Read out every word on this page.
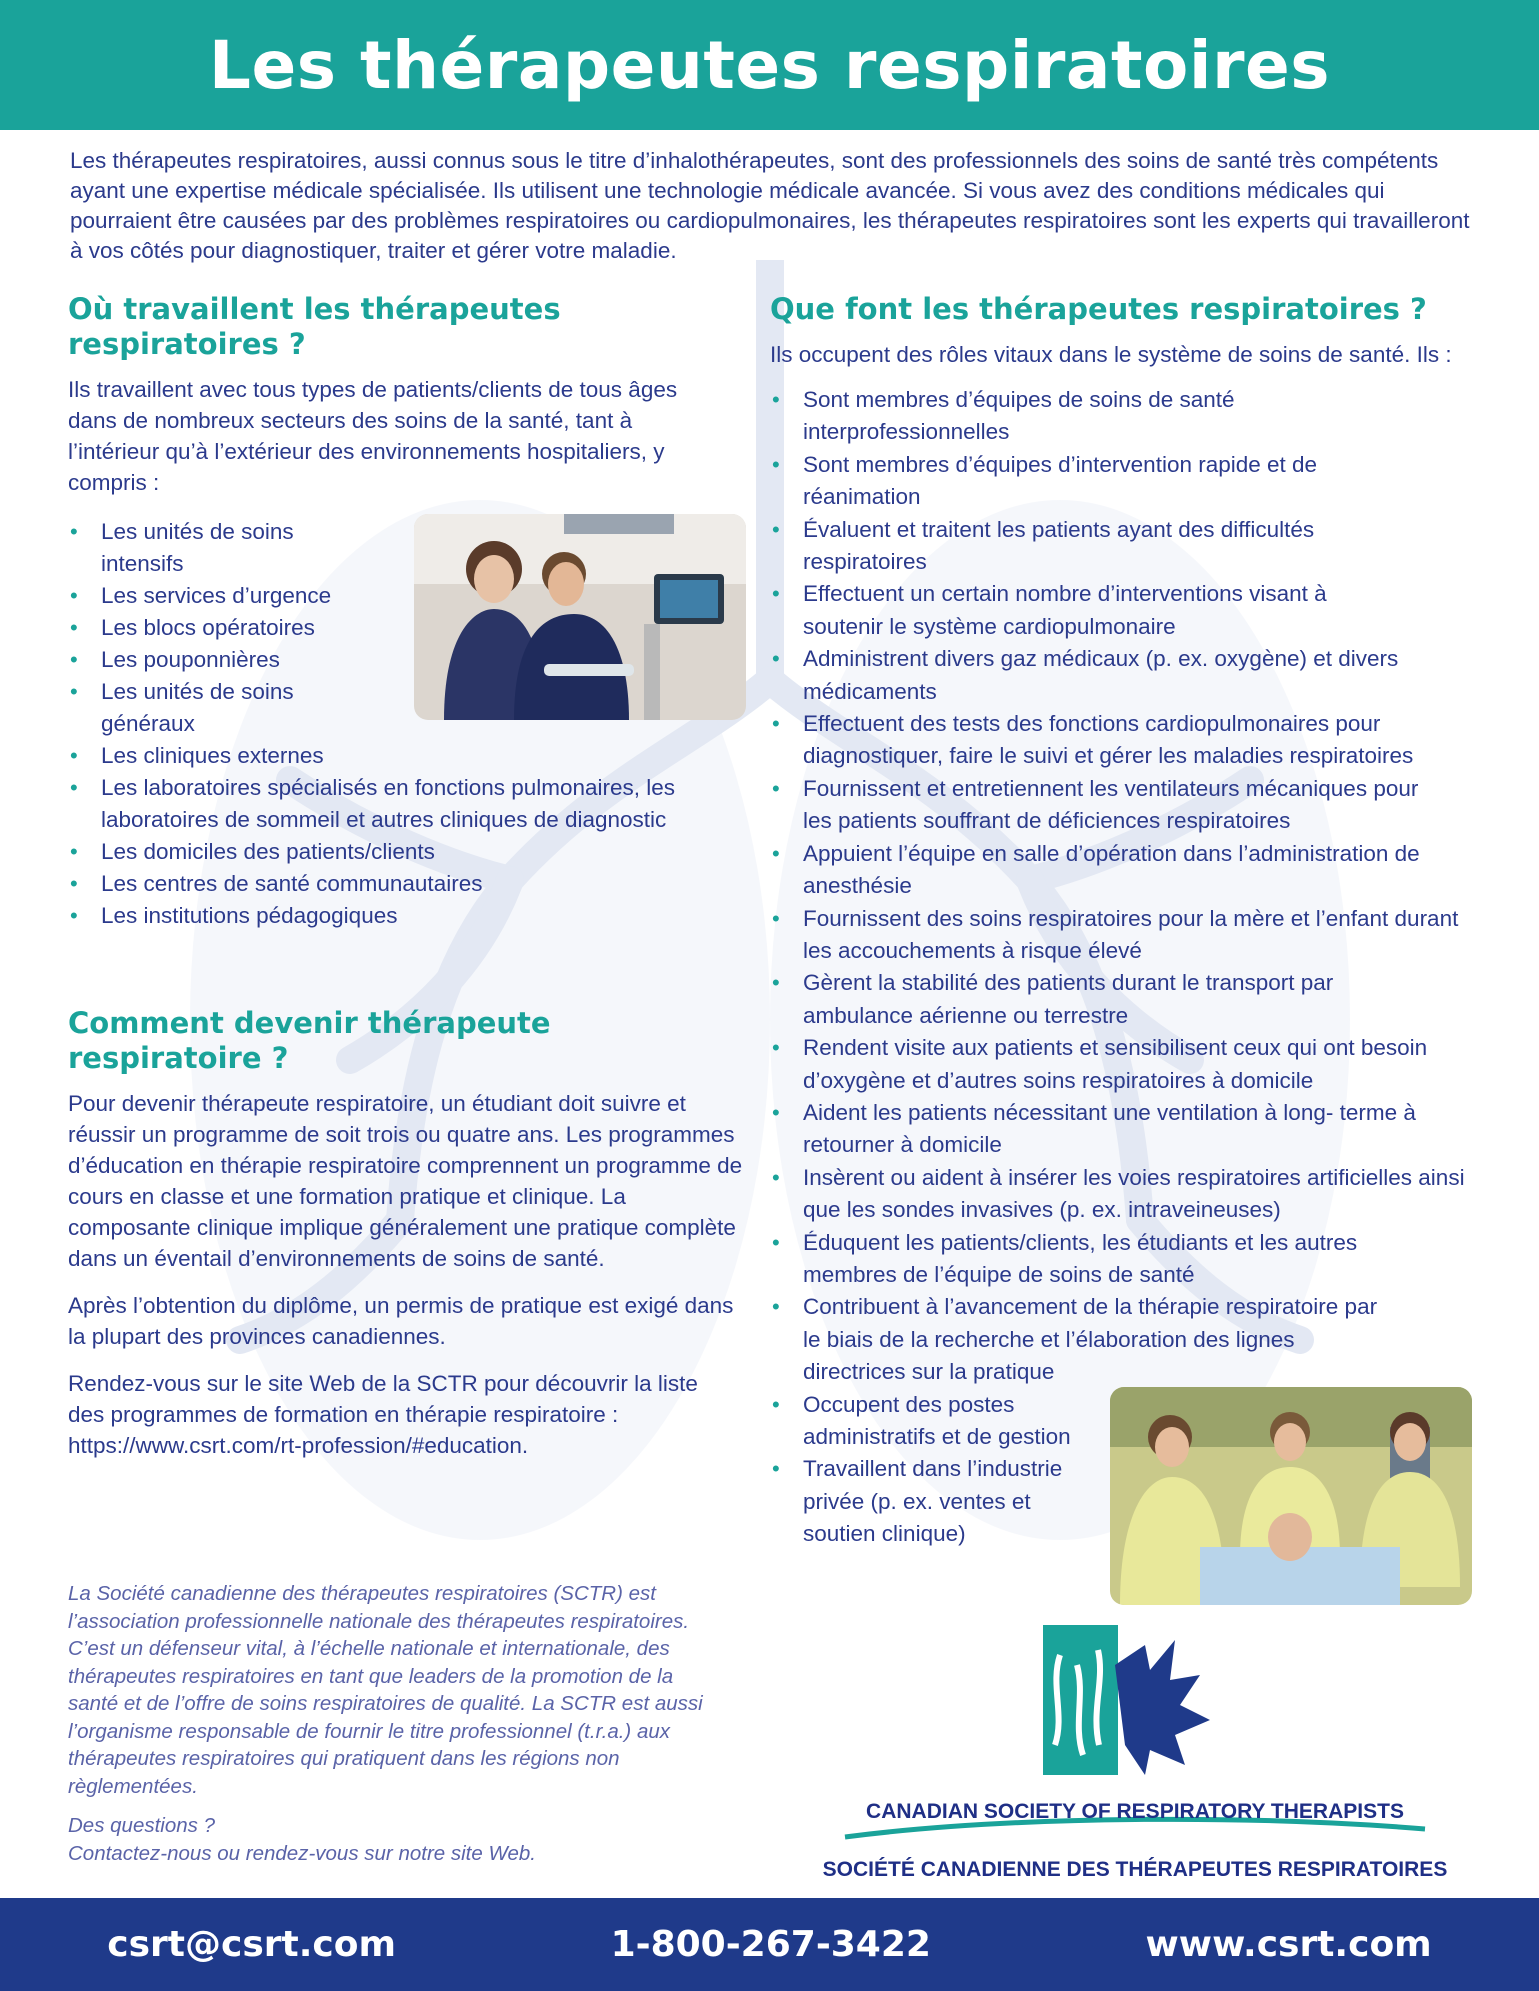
Les thérapeutes respiratoires

Les thérapeutes respiratoires, aussi connus sous le titre d’inhalothérapeutes, sont des professionnels des soins de santé très compétents ayant une expertise médicale spécialisée. Ils utilisent une technologie médicale avancée. Si vous avez des conditions médicales qui pourraient être causées par des problèmes respiratoires ou cardiopulmonaires, les thérapeutes respiratoires sont les experts qui travailleront à vos côtés pour diagnostiquer, traiter et gérer votre maladie.

Où travaillent les thérapeutes respiratoires ?

Ils travaillent avec tous types de patients/clients de tous âges dans de nombreux secteurs des soins de la santé, tant à l’intérieur qu’à l’extérieur des environnements hospitaliers, y compris :

• Les unités de soins intensifs
• Les services d’urgence
• Les blocs opératoires
• Les pouponnières
• Les unités de soins généraux
• Les cliniques externes
• Les laboratoires spécialisés en fonctions pulmonaires, les laboratoires de sommeil et autres cliniques de diagnostic
• Les domiciles des patients/clients
• Les centres de santé communautaires
• Les institutions pédagogiques
Comment devenir thérapeute respiratoire ?

Pour devenir thérapeute respiratoire, un étudiant doit suivre et réussir un programme de soit trois ou quatre ans. Les programmes d’éducation en thérapie respiratoire comprennent un programme de cours en classe et une formation pratique et clinique. La composante clinique implique généralement une pratique complète dans un éventail d’environnements de soins de santé.

Après l’obtention du diplôme, un permis de pratique est exigé dans la plupart des provinces canadiennes.

Rendez-vous sur le site Web de la SCTR pour découvrir la liste des programmes de formation en thérapie respiratoire : https://www.csrt.com/rt-profession/#education.

Que font les thérapeutes respiratoires ?

Ils occupent des rôles vitaux dans le système de soins de santé. Ils :

• Sont membres d’équipes de soins de santé interprofessionnelles
• Sont membres d’équipes d’intervention rapide et de réanimation
• Évaluent et traitent les patients ayant des difficultés respiratoires
• Effectuent un certain nombre d’interventions visant à soutenir le système cardiopulmonaire
• Administrent divers gaz médicaux (p. ex. oxygène) et divers médicaments
• Effectuent des tests des fonctions cardiopulmonaires pour diagnostiquer, faire le suivi et gérer les maladies respiratoires
• Fournissent et entretiennent les ventilateurs mécaniques pour les patients souffrant de déficiences respiratoires
• Appuient l’équipe en salle d’opération dans l’administration de anesthésie
• Fournissent des soins respiratoires pour la mère et l’enfant durant les accouchements à risque élevé
• Gèrent la stabilité des patients durant le transport par ambulance aérienne ou terrestre
• Rendent visite aux patients et sensibilisent ceux qui ont besoin d’oxygène et d’autres soins respiratoires à domicile
• Aident les patients nécessitant une ventilation à long- terme à retourner à domicile
• Insèrent ou aident à insérer les voies respiratoires artificielles ainsi que les sondes invasives (p. ex. intraveineuses)
• Éduquent les patients/clients, les étudiants et les autres membres de l’équipe de soins de santé
• Contribuent à l’avancement de la thérapie respiratoire par le biais de la recherche et l’élaboration des lignes directrices sur la pratique
• Occupent des postes administratifs et de gestion
• Travaillent dans l’industrie privée (p. ex. ventes et soutien clinique)

La Société canadienne des thérapeutes respiratoires (SCTR) est l’association professionnelle nationale des thérapeutes respiratoires. C’est un défenseur vital, à l’échelle nationale et internationale, des thérapeutes respiratoires en tant que leaders de la promotion de la santé et de l’offre de soins respiratoires de qualité. La SCTR est aussi l’organisme responsable de fournir le titre professionnel (t.r.a.) aux thérapeutes respiratoires qui pratiquent dans les régions non règlementées.

Des questions ?

Contactez-nous ou rendez-vous sur notre site Web.

CANADIAN SOCIETY OF RESPIRATORY THERAPISTS
SOCIÉTÉ CANADIENNE DES THÉRAPEUTES RESPIRATOIRES
csrt@csrt.com	1-800-267-3422	www.csrt.com
